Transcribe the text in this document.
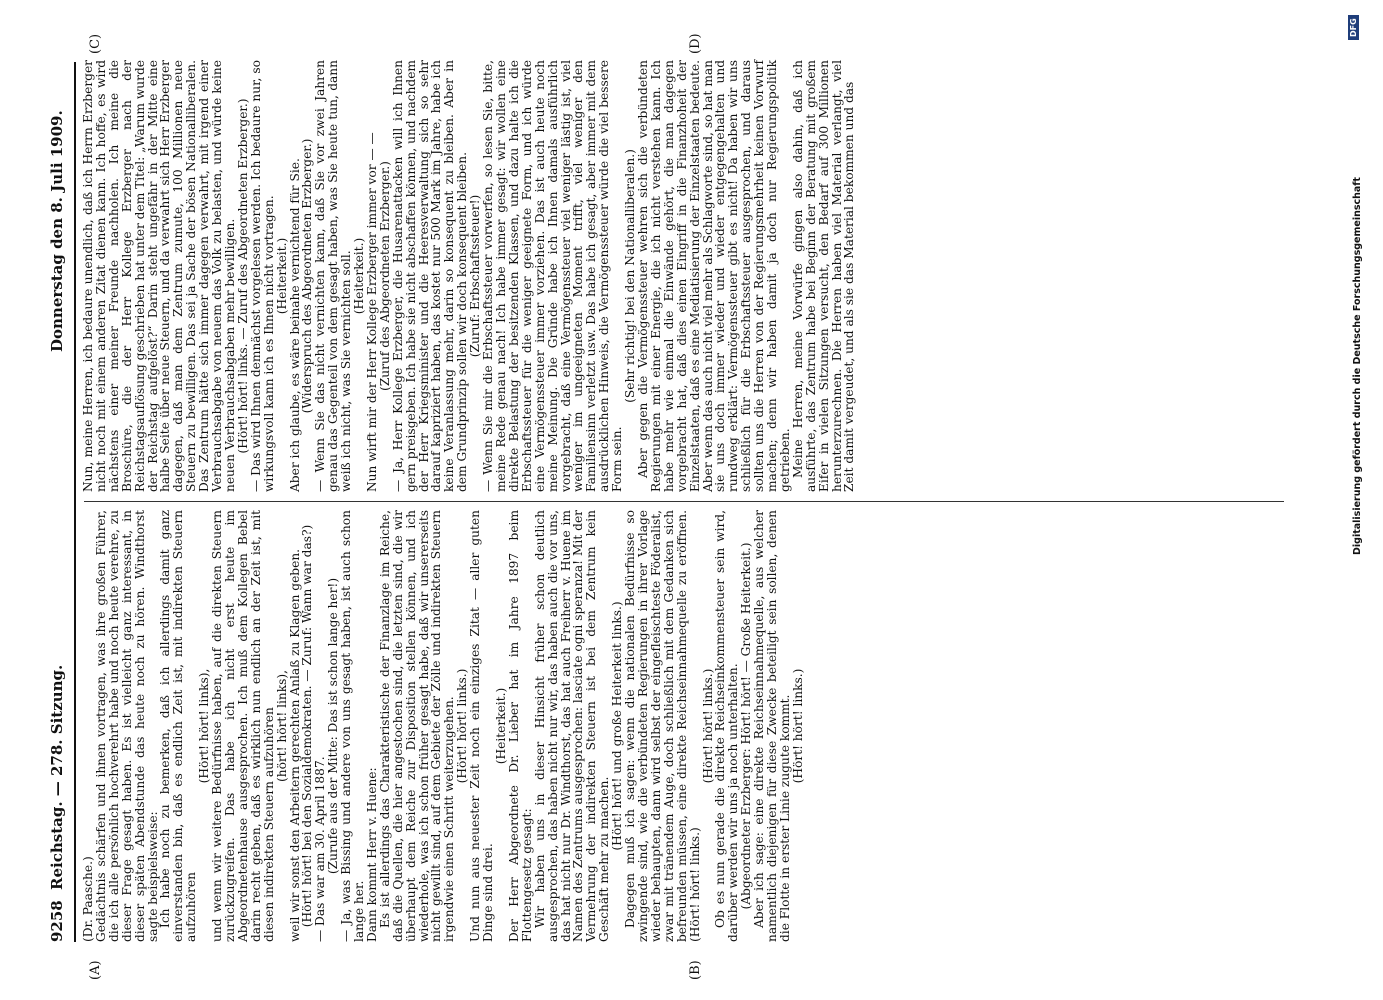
9258
Reichstag. — 278. Sitzung.
Donnerstag den 8. Juli 1909.
(A)	(B)
(C)	(D)

(Dr. Paasche.)

Gedächtnis schärfen und ihnen vortragen, was ihre großen Führer, die ich alle persönlich hochverehrt habe und noch heute verehre, zu dieser Frage gesagt haben. Es ist vielleicht ganz interessant, in dieser späten Abendstunde das heute noch zu hören. Windthorst sagte beispielsweise:

Ich habe noch zu bemerken, daß ich allerdings damit ganz einverstanden bin, daß es endlich Zeit ist, mit indirekten Steuern aufzuhören

(Hört! hört! links),

und wenn wir weitere Bedürfnisse haben, auf die direkten Steuern zurückzugreifen. Das habe ich nicht erst heute im Abgeordnetenhause ausgesprochen. Ich muß dem Kollegen Bebel darin recht geben, daß es wirklich nun endlich an der Zeit ist, mit diesen indirekten Steuern aufzuhören

(hört! hört! links),

weil wir sonst den Arbeitern gerechten Anlaß zu Klagen geben.

(Hört! hört! bei den Sozialdemokraten. — Zuruf: Wann war das?)

— Das war am 30. April 1887.

(Zurufe aus der Mitte: Das ist schon lange her!)

— Ja, was Bissing und andere von uns gesagt haben, ist auch schon lange her.

Dann kommt Herr v. Huene:

Es ist allerdings das Charakteristische der Finanzlage im Reiche, daß die Quellen, die hier angestochen sind, die letzten sind, die wir überhaupt dem Reiche zur Disposition stellen können, und ich wiederhole, was ich schon früher gesagt habe, daß wir unsererseits nicht gewillt sind, auf dem Gebiete der Zölle und indirekten Steuern irgendwie einen Schritt weiterzugehen.

(Hört! hört! links.)

Und nun aus neuester Zeit noch ein einziges Zitat — aller guten Dinge sind drei.

(Heiterkeit.)

Der Herr Abgeordnete Dr. Lieber hat im Jahre 1897 beim Flottengesetz gesagt:

Wir haben uns in dieser Hinsicht früher schon deutlich ausgesprochen, das haben nicht nur wir, das haben auch die vor uns, das hat nicht nur Dr. Windthorst, das hat auch Freiherr v. Huene im Namen des Zentrums ausgesprochen: lasciate ogni speranza! Mit der Vermehrung der indirekten Steuern ist bei dem Zentrum kein Geschäft mehr zu machen.

(Hört! hört! und große Heiterkeit links.)

Dagegen muß ich sagen: wenn die nationalen Bedürfnisse so zwingende sind, wie die verbündeten Regierungen in ihrer Vorlage wieder behaupten, dann wird selbst der eingefleischteste Föderalist, zwar mit tränendem Auge, doch schließlich mit dem Gedanken sich befreunden müssen, eine direkte Reichseinnahmequelle zu eröffnen. (Hört! hört! links.)

(Hört! hört! links.)

Ob es nun gerade die direkte Reichseinkommensteuer sein wird, darüber werden wir uns ja noch unterhalten.

(Abgeordneter Erzberger: Hört! hört! — Große Heiterkeit.)

Aber ich sage: eine direkte Reichseinnahmequelle, aus welcher namentlich diejenigen für diese Zwecke beteiligt sein sollen, denen die Flotte in erster Linie zugute kommt.

(Hört! hört! links.)

Nun, meine Herren, ich bedaure unendlich, daß ich Herrn Erzberger nicht noch mit einem anderen Zitat dienen kann. Ich hoffe, es wird nächstens einer meiner Freunde nachholen. Ich meine die Broschüre, die der Herr Kollege Erzberger nach der Reichstagsauflösung geschrieben hat unter dem Titel: „Warum wurde der Reichstag aufgelöst?“ Darin steht ungefähr in der Mitte eine halbe Seite über neue Steuern, und da verwahrt sich Herr Erzberger dagegen, daß man dem Zentrum zumute, 100 Millionen neue Steuern zu bewilligen. Das sei ja Sache der bösen Nationalliberalen. Das Zentrum hätte sich immer dagegen verwahrt, mit irgend einer Verbrauchsabgabe von neuem das Volk zu belasten, und würde keine neuen Verbrauchsabgaben mehr bewilligen.

(Hört! hört! links. — Zuruf des Abgeordneten Erzberger.)

— Das wird Ihnen demnächst vorgelesen werden. Ich bedaure nur, so wirkungsvoll kann ich es Ihnen nicht vortragen.

(Heiterkeit.)

Aber ich glaube, es wäre beinahe vernichtend für Sie.

(Widerspruch des Abgeordneten Erzberger.)

— Wenn Sie das nicht vernichten kann, daß Sie vor zwei Jahren genau das Gegenteil von dem gesagt haben, was Sie heute tun, dann weiß ich nicht, was Sie vernichten soll.

(Heiterkeit.)

Nun wirft mir der Herr Kollege Erzberger immer vor — —

(Zuruf des Abgeordneten Erzberger.)

— Ja, Herr Kollege Erzberger, die Husarenattacken will ich Ihnen gern preisgeben. Ich habe sie nicht abschaffen können, und nachdem der Herr Kriegsminister und die Heeresverwaltung sich so sehr darauf kapriziert haben, das kostet nur 500 Mark im Jahre, habe ich keine Veranlassung mehr, darin so konsequent zu bleiben. Aber in dem Grundprinzip sollen wir doch konsequent bleiben.

(Zuruf: Erbschaftssteuer!)

— Wenn Sie mir die Erbschaftssteuer vorwerfen, so lesen Sie, bitte, meine Rede genau nach! Ich habe immer gesagt: wir wollen eine direkte Belastung der besitzenden Klassen, und dazu halte ich die Erbschaftssteuer für die weniger geeignete Form, und ich würde eine Vermögenssteuer immer vorziehen. Das ist auch heute noch meine Meinung. Die Gründe habe ich Ihnen damals ausführlich vorgebracht, daß eine Vermögenssteuer viel weniger lästig ist, viel weniger im ungeeigneten Moment trifft, viel weniger den Familiensinn verletzt usw. Das habe ich gesagt, aber immer mit dem ausdrücklichen Hinweis, die Vermögenssteuer würde die viel bessere Form sein.

(Sehr richtig! bei den Nationalliberalen.)

Aber gegen die Vermögenssteuer wehren sich die verbündeten Regierungen mit einer Energie, die ich nicht verstehen kann. Ich habe mehr wie einmal die Einwände gehört, die man dagegen vorgebracht hat, daß dies einen Eingriff in die Finanzhoheit der Einzelstaaten, daß es eine Mediatisierung der Einzelstaaten bedeute. Aber wenn das auch nicht viel mehr als Schlagworte sind, so hat man sie uns doch immer wieder und wieder entgegengehalten und rundweg erklärt: Vermögenssteuer gibt es nicht! Da haben wir uns schließlich für die Erbschaftssteuer ausgesprochen, und daraus sollten uns die Herren von der Regierungsmehrheit keinen Vorwurf machen; denn wir haben damit ja doch nur Regierungspolitik getrieben.

Meine Herren, meine Vorwürfe gingen also dahin, daß ich ausführte, das Zentrum habe bei Beginn der Beratung mit großem Eifer in vielen Sitzungen versucht, den Bedarf auf 300 Millionen herunterzurechnen. Die Herren haben viel Material verlangt, viel Zeit damit vergeudet, und als sie das Material bekommen und das	Digitalisierung gefördert durch die Deutsche Forschungsgemeinschaft
DFG
